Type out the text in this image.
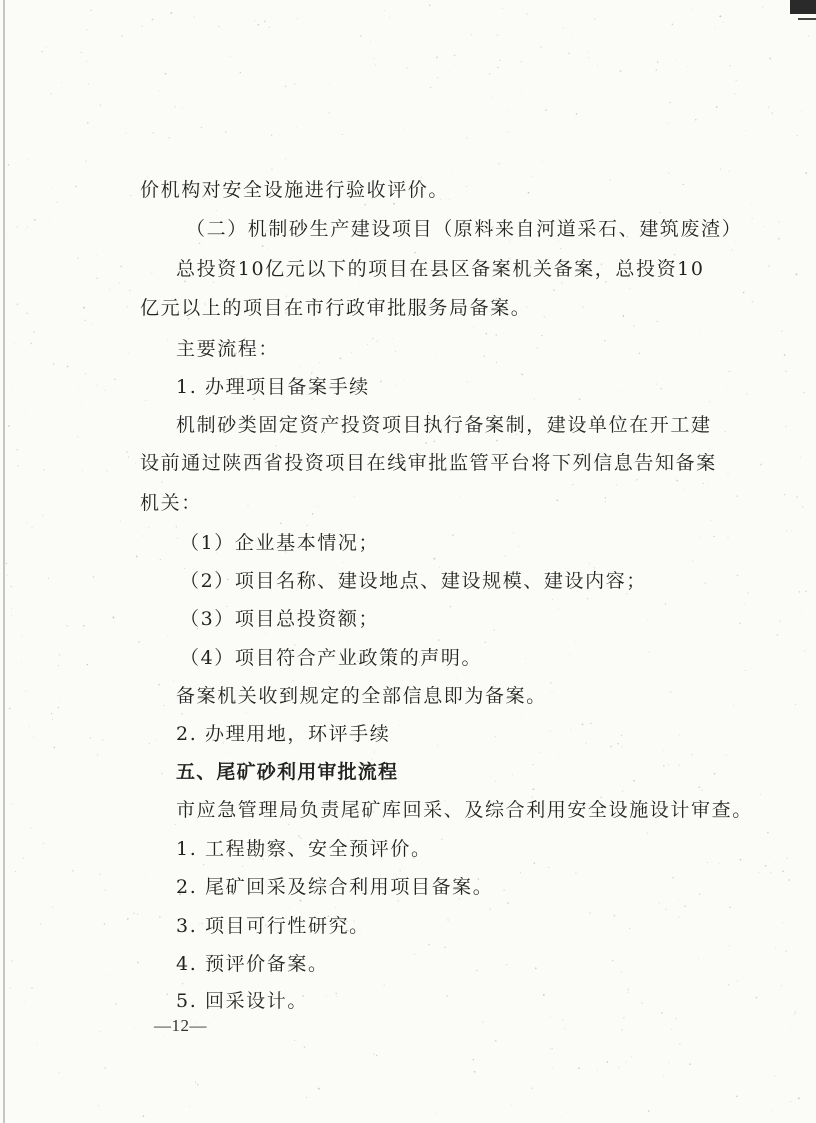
价机构对安全设施进行验收评价。
（二）机制砂生产建设项目（原料来自河道采石、建筑废渣）
总投资10亿元以下的项目在县区备案机关备案，总投资10
亿元以上的项目在市行政审批服务局备案。
主要流程：
1. 办理项目备案手续
机制砂类固定资产投资项目执行备案制，建设单位在开工建
设前通过陕西省投资项目在线审批监管平台将下列信息告知备案
机关：
（1）企业基本情况；
（2）项目名称、建设地点、建设规模、建设内容；
（3）项目总投资额；
（4）项目符合产业政策的声明。
备案机关收到规定的全部信息即为备案。
2. 办理用地，环评手续
五、尾矿砂利用审批流程
市应急管理局负责尾矿库回采、及综合利用安全设施设计审查。
1. 工程勘察、安全预评价。
2. 尾矿回采及综合利用项目备案。
3. 项目可行性研究。
4. 预评价备案。
5. 回采设计。
—12—
